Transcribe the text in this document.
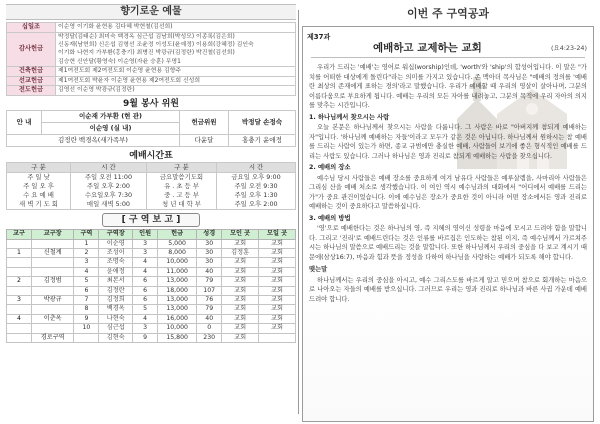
향기로운 예물
십일조	이순영 이기화 윤현용 김다혜 박현철(김선희)
감사헌금	박정달(김태순) 최미숙 백경옥 심근섭 김남희(박성모) 이종록(김은희)
신동재(남현희) 신은섭 김형선 조윤정 이성도(윤예정) 이용희(강혜정) 김인숙
이기화 나현지 가부환(홍충기) 최병진 박광규(김정란) 박진철(김선희)
김승현 신안달(황영숙) 이순영(자윤 승훈) 무명1
건축헌금	제1여전도회 제2여전도회 이순영 윤현용 김향주
선교헌금	제1여전도회 박윤자 이순영 윤현용 제2여전도회 신성희
전도헌금	김영선 이순영 박광규(김정란)
9월 봉사 위원
안 내	이순재 가부환 (현 관)	헌금위원	박정달 손정숙
	이순영 (실 내)		
김정란 백경옥(새가족부)		다윤달	홍충기 윤애정
예배시간표
구 분	시 간	구 분	시 간
주 일 낮	주일 오전 11:00	금요말씀기도회	금요일 오후 9:00
주 일 오 후	주일 오후 2:00	유 . 초 등 부	주일 오전 9:30
수 요 예 배	수요일오후 7:30	중 . 고 등 부	주일 오후 1:30
새 벽 기 도 회	매일 새벽 5:00	청 년 대 학 부	주일 오후 2:00
[ 구 역 보 고 ]
교구	교구장	구역	구역장	인원	헌금	성경	모인 곳	모일 곳
		1	이순영	3	5,000	30	교회	교회
1	신철계	2	조성이	3	8,000	30	김정훈	교회
		3	조명숙	4	10,000	30	교회	교회
		4	윤애정	4	11,000	40	교회	교회
2	김정범	5	최본서	6	13,000	79	교회	교회
		6	김정란	6	18,000	107	교회	교회
3	박광규	7	김정희	6	13,000	76	교회	교회
		8	백경옥	5	13,000	79	교회	교회
4	이춘옥	9	나현숙	4	16,000	40	교회	교회
		10	심근섭	3	10,000	0	교회	교회
	경로구역		김현숙	9	15,800	230	교회	
이번 주 구역공과
제37과
예배하고 교제하는 교회	(요4:23-24)

우리가 드리는 '예배'는 영어로 워십(worship)인데, 'worth'와 'ship'의 합성어입니다. 이 말은 "가치를 어떠한 대상에게 돌린다"라는 의미를 가지고 있습니다. 존 맥아더 목사님은 "예배의 정의를 '예배란 최상의 존재에게 표하는 경의'라고 말했습니다. 우리가 예배할 때 우리의 영살이 살아나며, 그분의 이름다움으로 부요하게 됩니다. 예배는 우리의 모든 자아를 내려놓고, 그분의 목적에 우리 자아의 의지를 맞추는 시간입니다.

1. 하나님께서 찾으시는 사람

오늘 본문은 하나님께서 찾으시는 사람을 다룹니다. 그 사람은 바로 "아버지께 참되게 예배하는 자"입니다. '하나님께 예배하는 자들'이라고 모두가 같은 것은 아닙니다. 하나님께서 원하시는 참 예배를 드리는 사람이 있는가 하면, 종교 규범에만 충실한 예배, 사람들이 보기에 좋은 형식적인 예배를 드리는 사람도 있습니다. 그러나 하나님은 영과 진리로 참되게 예배하는 사람을 찾으십니다.

2. 예배의 장소

예수님 당시 사람들은 예배 장소를 중요하게 여겨 남유다 사람들은 예루살렘을, 사마리아 사람들은 그리심 산을 예배 처소로 생각했습니다. 이 여인 역시 예수님과의 대화에서 "어디에서 예배를 드리는가"가 중요 관건이었습니다. 이에 예수님은 장소가 중요한 것이 아니라 어떤 장소에서든 영과 진리로 예배하는 것이 중요하다고 말씀하십니다.

3. 예배의 방법

'영'으로 예배한다는 것은 하나님의 영, 즉 지혜의 영이신 성령을 마음에 모시고 드려야 함을 말합니다. 그리고 '진리'로 예배드린다는 것은 인류를 바르집은 인도하는 참된 이지, 즉 예수님께서 가르쳐주시는 하나님의 말씀으로 예배드리는 것을 말합니다. 또한 하나님께서 우리의 중심을 다 보고 계시기 때문에(삼상16:7), 마음과 힘과 뜻을 정성을 다하여 하나님을 사랑하는 예배가 되도록 해야 합니다.

맺는말

하나님께서는 우리의 중심을 아시고, 예수 그리스도를 바르게 알고 믿으며 참으로 회개하는 마음으로 나아오는 자들의 예배를 받으십니다. 그러므로 우리는 영과 진리로 하나님과 바른 사귐 가운데 예배드려야 합니다.
